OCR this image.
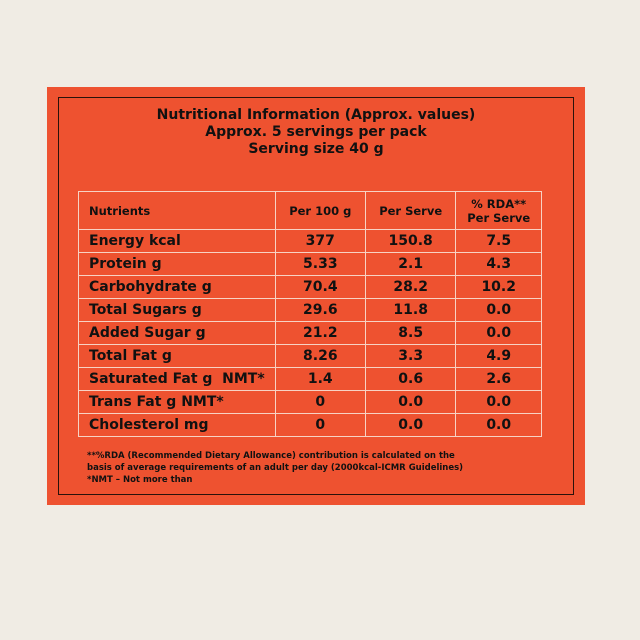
Nutritional Information (Approx. values)
Approx. 5 servings per pack
Serving size 40 g
Nutrients	Per 100 g	Per Serve	% RDA**
Per Serve

Energy kcal	377	150.8	7.5
Protein g	5.33	2.1	4.3
Carbohydrate g	70.4	28.2	10.2
Total Sugars g	29.6	11.8	0.0
Added Sugar g	21.2	8.5	0.0
Total Fat g	8.26	3.3	4.9
Saturated Fat g  NMT*	1.4	0.6	2.6
Trans Fat g NMT*	0	0.0	0.0
Cholesterol mg	0	0.0	0.0
**%RDA (Recommended Dietary Allowance) contribution is calculated on the
basis of average requirements of an adult per day (2000kcal-ICMR Guidelines)
*NMT – Not more than
